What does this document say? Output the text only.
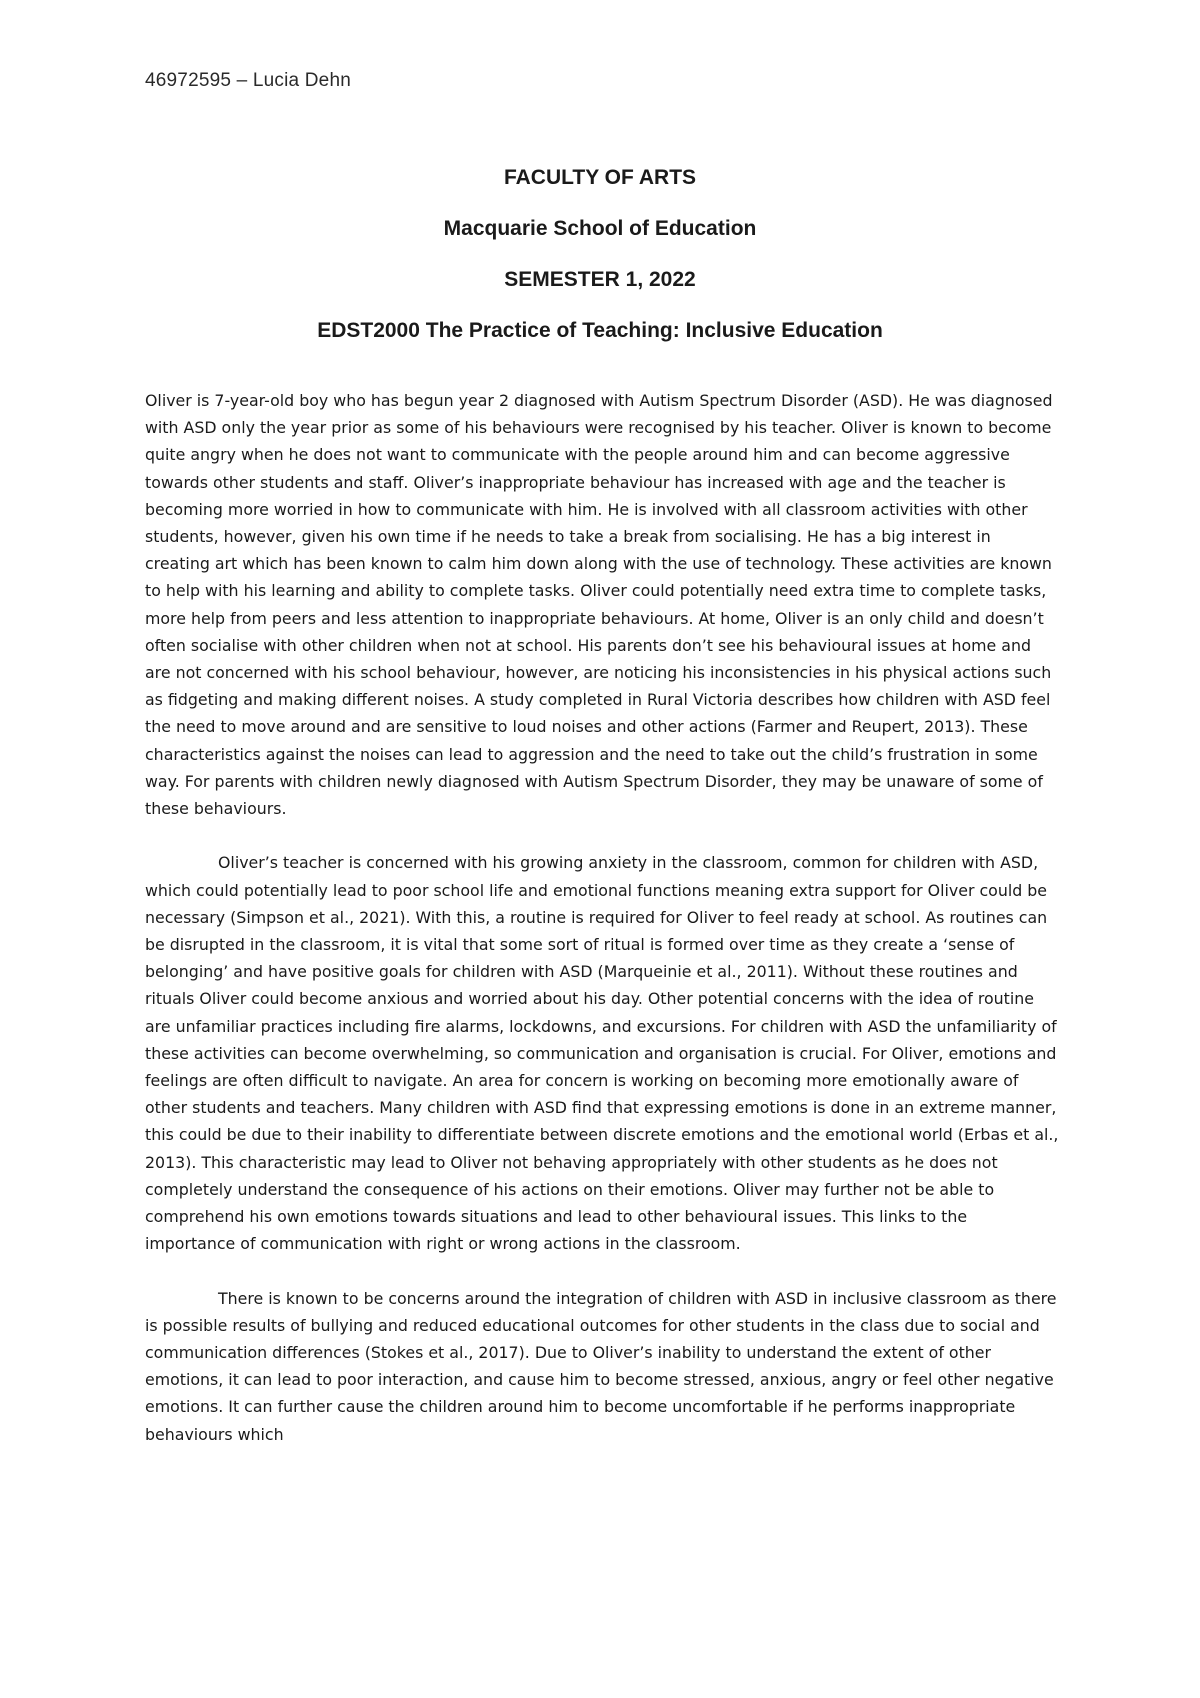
46972595 – Lucia Dehn
FACULTY OF ARTS
Macquarie School of Education
SEMESTER 1, 2022
EDST2000 The Practice of Teaching: Inclusive Education

Oliver is 7-year-old boy who has begun year 2 diagnosed with Autism Spectrum Disorder (ASD). He was diagnosed with ASD only the year prior as some of his behaviours were recognised by his teacher. Oliver is known to become quite angry when he does not want to communicate with the people around him and can become aggressive towards other students and staff. Oliver’s inappropriate behaviour has increased with age and the teacher is becoming more worried in how to communicate with him. He is involved with all classroom activities with other students, however, given his own time if he needs to take a break from socialising. He has a big interest in creating art which has been known to calm him down along with the use of technology. These activities are known to help with his learning and ability to complete tasks. Oliver could potentially need extra time to complete tasks, more help from peers and less attention to inappropriate behaviours. At home, Oliver is an only child and doesn’t often socialise with other children when not at school. His parents don’t see his behavioural issues at home and are not concerned with his school behaviour, however, are noticing his inconsistencies in his physical actions such as fidgeting and making different noises. A study completed in Rural Victoria describes how children with ASD feel the need to move around and are sensitive to loud noises and other actions (Farmer and Reupert, 2013). These characteristics against the noises can lead to aggression and the need to take out the child’s frustration in some way. For parents with children newly diagnosed with Autism Spectrum Disorder, they may be unaware of some of these behaviours.

Oliver’s teacher is concerned with his growing anxiety in the classroom, common for children with ASD, which could potentially lead to poor school life and emotional functions meaning extra support for Oliver could be necessary (Simpson et al., 2021). With this, a routine is required for Oliver to feel ready at school. As routines can be disrupted in the classroom, it is vital that some sort of ritual is formed over time as they create a ‘sense of belonging’ and have positive goals for children with ASD (Marqueinie et al., 2011). Without these routines and rituals Oliver could become anxious and worried about his day. Other potential concerns with the idea of routine are unfamiliar practices including fire alarms, lockdowns, and excursions. For children with ASD the unfamiliarity of these activities can become overwhelming, so communication and organisation is crucial. For Oliver, emotions and feelings are often difficult to navigate. An area for concern is working on becoming more emotionally aware of other students and teachers. Many children with ASD find that expressing emotions is done in an extreme manner, this could be due to their inability to differentiate between discrete emotions and the emotional world (Erbas et al., 2013). This characteristic may lead to Oliver not behaving appropriately with other students as he does not completely understand the consequence of his actions on their emotions. Oliver may further not be able to comprehend his own emotions towards situations and lead to other behavioural issues. This links to the importance of communication with right or wrong actions in the classroom.

There is known to be concerns around the integration of children with ASD in inclusive classroom as there is possible results of bullying and reduced educational outcomes for other students in the class due to social and communication differences (Stokes et al., 2017). Due to Oliver’s inability to understand the extent of other emotions, it can lead to poor interaction, and cause him to become stressed, anxious, angry or feel other negative emotions. It can further cause the children around him to become uncomfortable if he performs inappropriate behaviours which
